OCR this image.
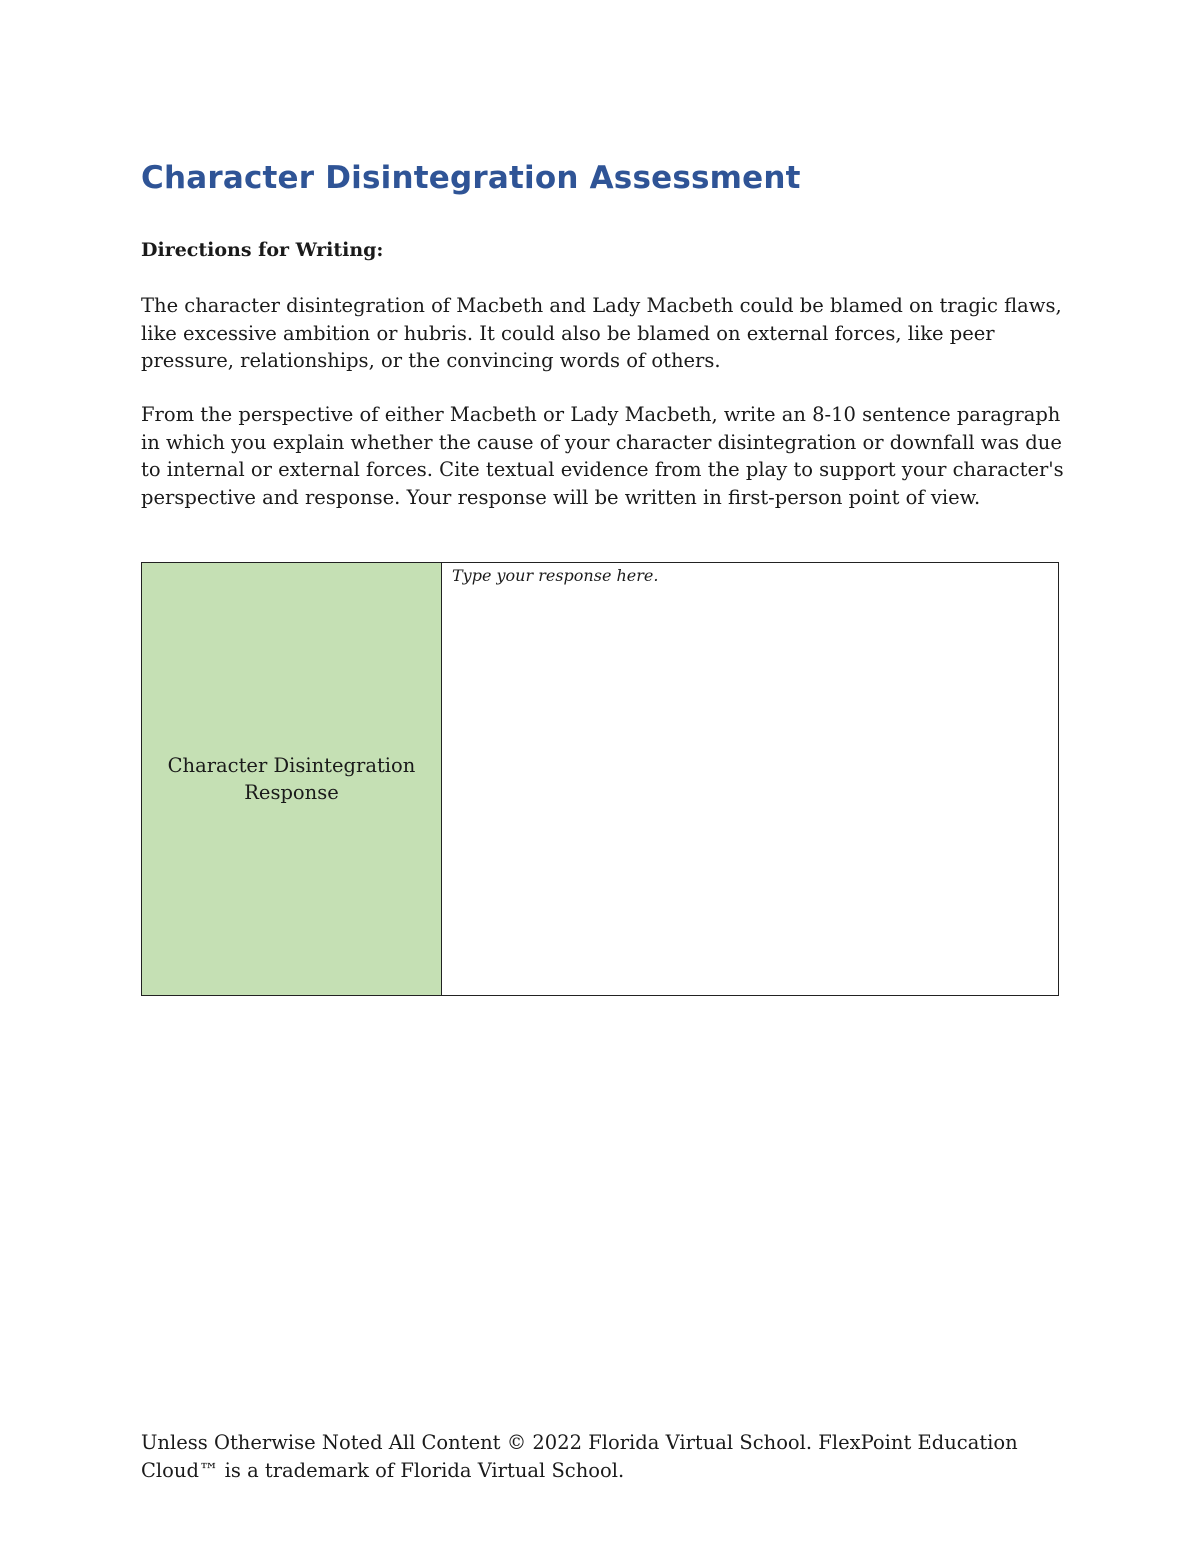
Character Disintegration Assessment

Directions for Writing:

The character disintegration of Macbeth and Lady Macbeth could be blamed on tragic flaws, like excessive ambition or hubris. It could also be blamed on external forces, like peer pressure, relationships, or the convincing words of others.

From the perspective of either Macbeth or Lady Macbeth, write an 8-10 sentence paragraph in which you explain whether the cause of your character disintegration or downfall was due to internal or external forces. Cite textual evidence from the play to support your character's perspective and response. Your response will be written in first-person point of view.

Character Disintegration Response
Type your response here.

Unless Otherwise Noted All Content © 2022 Florida Virtual School. FlexPoint Education Cloud™ is a trademark of Florida Virtual School.
